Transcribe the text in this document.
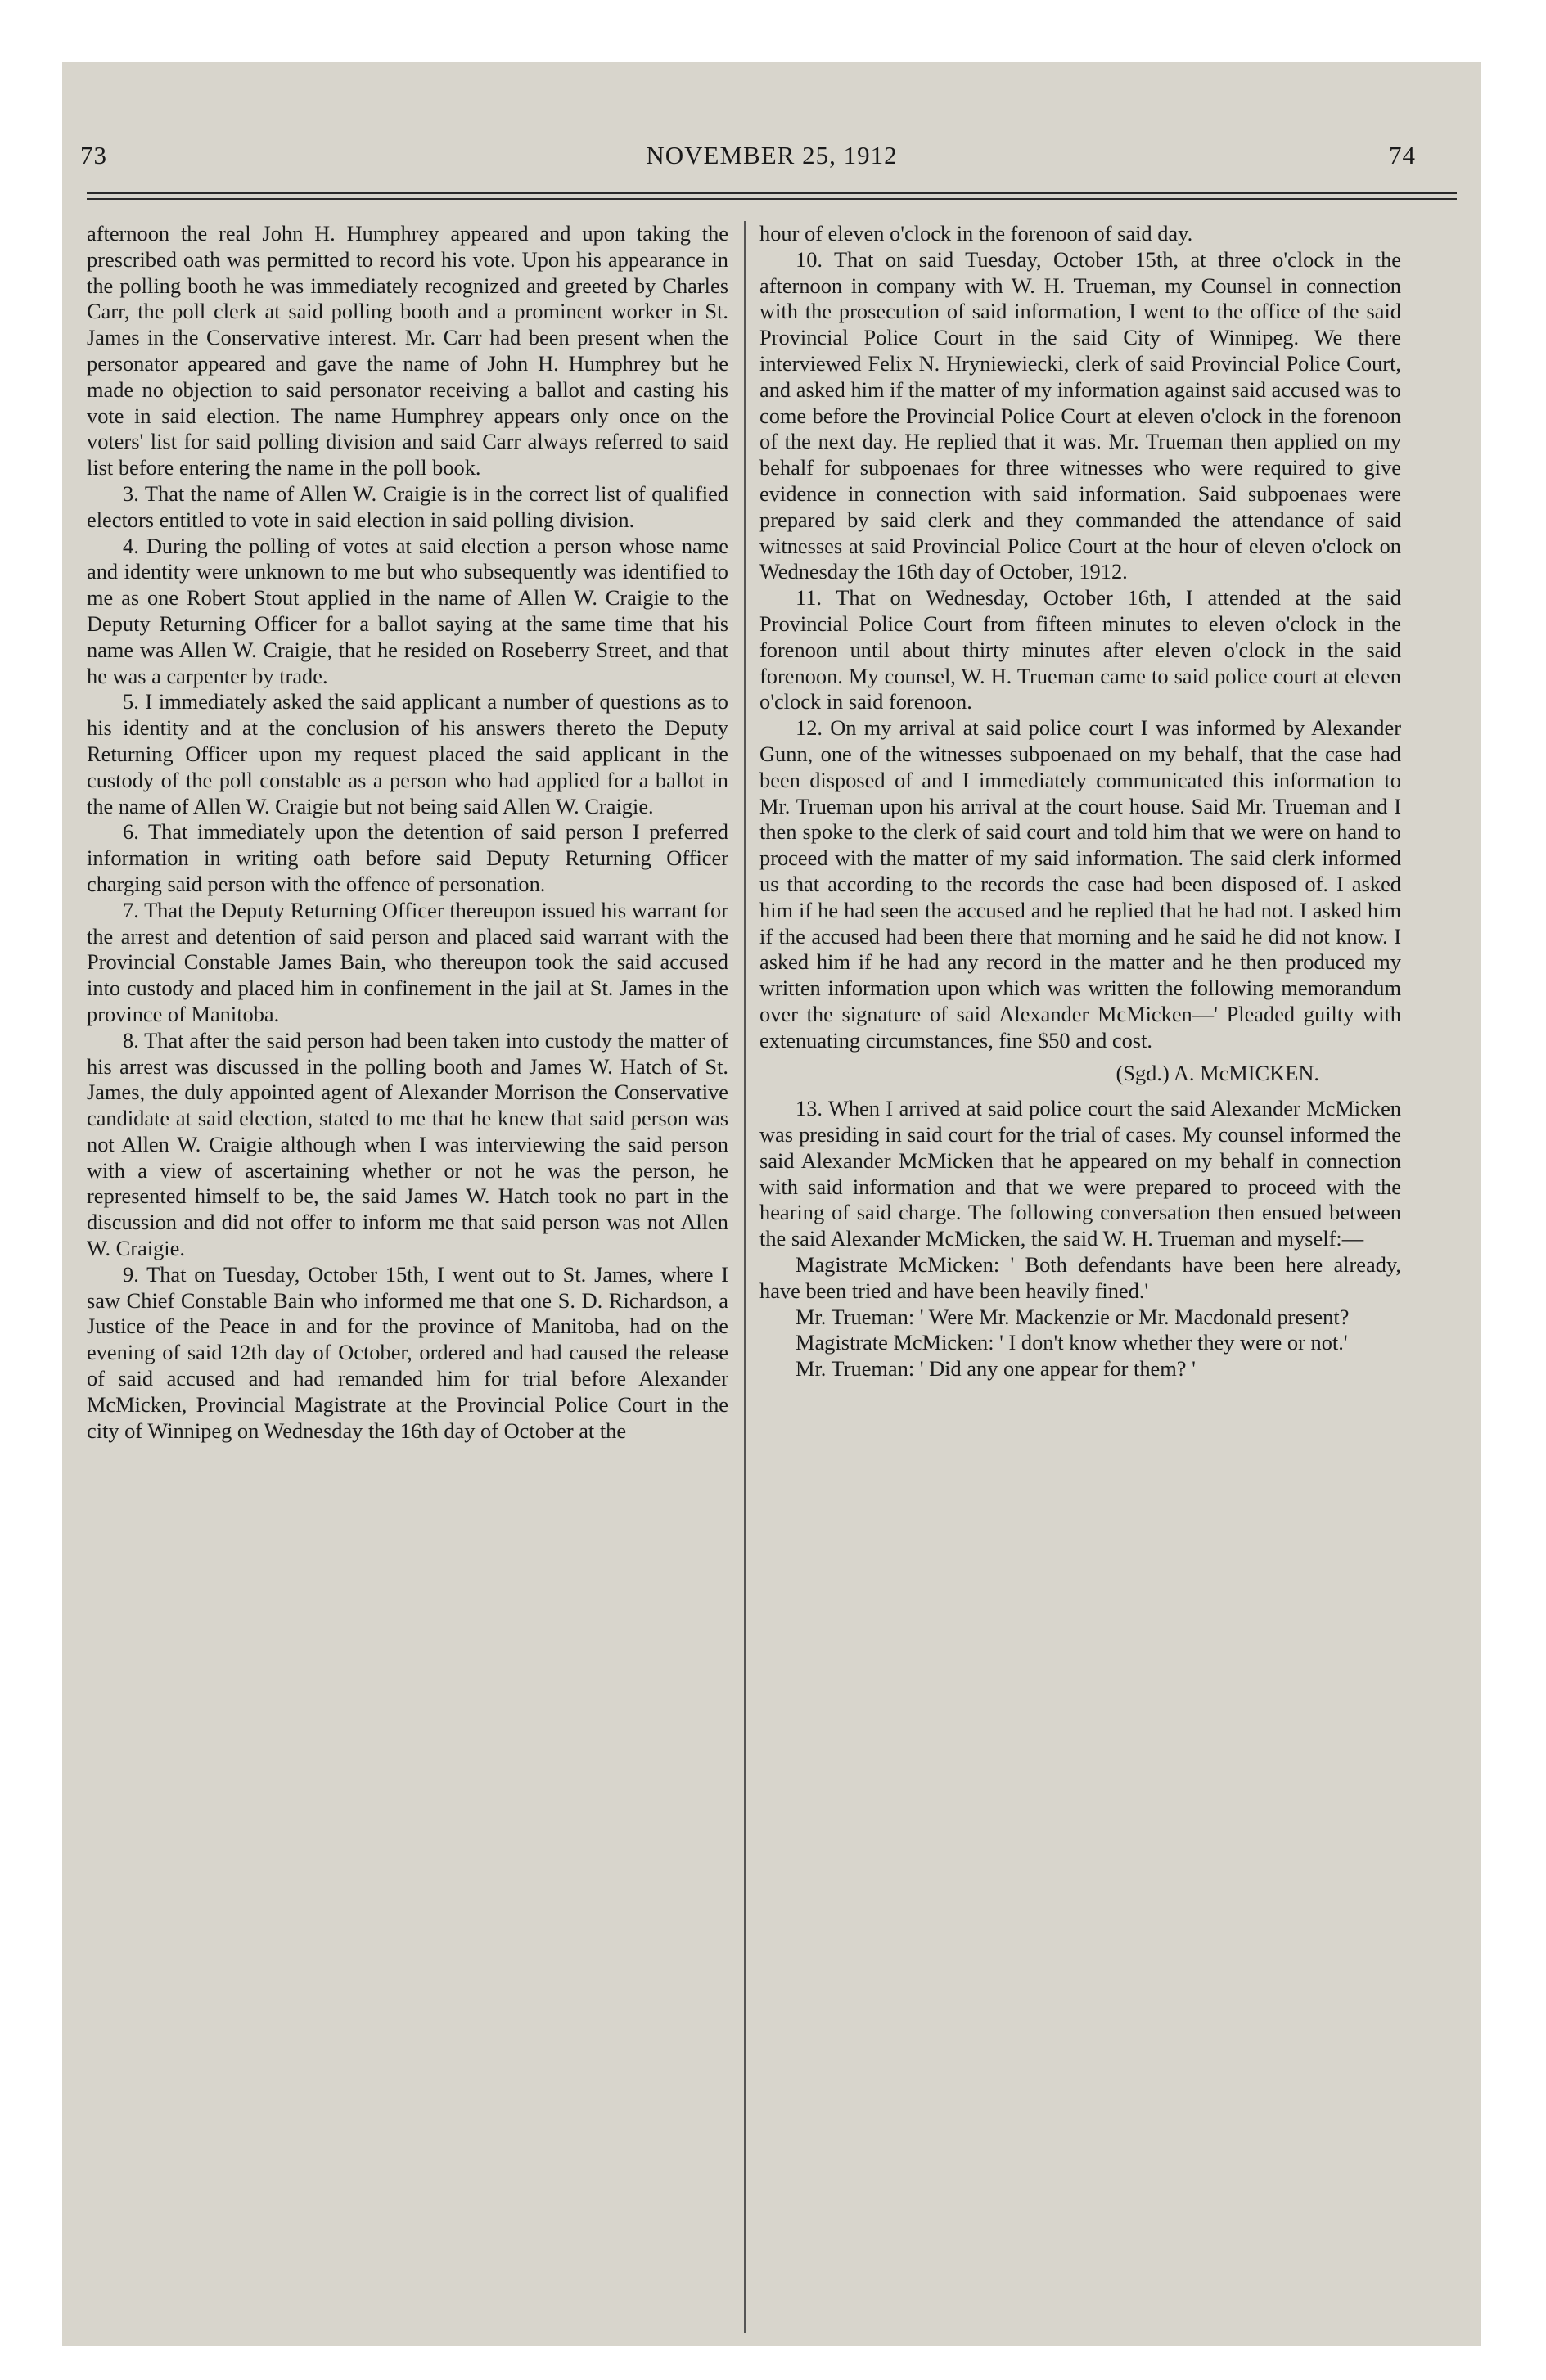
73	NOVEMBER 25, 1912	74

afternoon the real John H. Humphrey appeared and upon taking the prescribed oath was permitted to record his vote. Upon his appearance in the polling booth he was immediately recognized and greeted by Charles Carr, the poll clerk at said polling booth and a prominent worker in St. James in the Conservative interest. Mr. Carr had been present when the personator appeared and gave the name of John H. Humphrey but he made no objection to said personator receiving a ballot and casting his vote in said election. The name Humphrey appears only once on the voters' list for said polling division and said Carr always referred to said list before entering the name in the poll book.

3. That the name of Allen W. Craigie is in the correct list of qualified electors entitled to vote in said election in said polling division.

4. During the polling of votes at said election a person whose name and identity were unknown to me but who subsequently was identified to me as one Robert Stout applied in the name of Allen W. Craigie to the Deputy Returning Officer for a ballot saying at the same time that his name was Allen W. Craigie, that he resided on Roseberry Street, and that he was a carpenter by trade.

5. I immediately asked the said applicant a number of questions as to his identity and at the conclusion of his answers thereto the Deputy Returning Officer upon my request placed the said applicant in the custody of the poll constable as a person who had applied for a ballot in the name of Allen W. Craigie but not being said Allen W. Craigie.

6. That immediately upon the detention of said person I preferred information in writing oath before said Deputy Returning Officer charging said person with the offence of personation.

7. That the Deputy Returning Officer thereupon issued his warrant for the arrest and detention of said person and placed said warrant with the Provincial Constable James Bain, who thereupon took the said accused into custody and placed him in confinement in the jail at St. James in the province of Manitoba.

8. That after the said person had been taken into custody the matter of his arrest was discussed in the polling booth and James W. Hatch of St. James, the duly appointed agent of Alexander Morrison the Conservative candidate at said election, stated to me that he knew that said person was not Allen W. Craigie although when I was interviewing the said person with a view of ascertaining whether or not he was the person, he represented himself to be, the said James W. Hatch took no part in the discussion and did not offer to inform me that said person was not Allen W. Craigie.

9. That on Tuesday, October 15th, I went out to St. James, where I saw Chief Constable Bain who informed me that one S. D. Richardson, a Justice of the Peace in and for the province of Manitoba, had on the evening of said 12th day of October, ordered and had caused the release of said accused and had remanded him for trial before Alexander McMicken, Provincial Magistrate at the Provincial Police Court in the city of Winnipeg on Wednesday the 16th day of October at the

hour of eleven o'clock in the forenoon of said day.

10. That on said Tuesday, October 15th, at three o'clock in the afternoon in company with W. H. Trueman, my Counsel in connection with the prosecution of said information, I went to the office of the said Provincial Police Court in the said City of Winnipeg. We there interviewed Felix N. Hryniewiecki, clerk of said Provincial Police Court, and asked him if the matter of my information against said accused was to come before the Provincial Police Court at eleven o'clock in the forenoon of the next day. He replied that it was. Mr. Trueman then applied on my behalf for subpoenaes for three witnesses who were required to give evidence in connection with said information. Said subpoenaes were prepared by said clerk and they commanded the attendance of said witnesses at said Provincial Police Court at the hour of eleven o'clock on Wednesday the 16th day of October, 1912.

11. That on Wednesday, October 16th, I attended at the said Provincial Police Court from fifteen minutes to eleven o'clock in the forenoon until about thirty minutes after eleven o'clock in the said forenoon. My counsel, W. H. Trueman came to said police court at eleven o'clock in said forenoon.

12. On my arrival at said police court I was informed by Alexander Gunn, one of the witnesses subpoenaed on my behalf, that the case had been disposed of and I immediately communicated this information to Mr. Trueman upon his arrival at the court house. Said Mr. Trueman and I then spoke to the clerk of said court and told him that we were on hand to proceed with the matter of my said information. The said clerk informed us that according to the records the case had been disposed of. I asked him if he had seen the accused and he replied that he had not. I asked him if the accused had been there that morning and he said he did not know. I asked him if he had any record in the matter and he then produced my written information upon which was written the following memorandum over the signature of said Alexander McMicken—' Pleaded guilty with extenuating circumstances, fine $50 and cost.

(Sgd.) A. McMICKEN.

13. When I arrived at said police court the said Alexander McMicken was presiding in said court for the trial of cases. My counsel informed the said Alexander McMicken that he appeared on my behalf in connection with said information and that we were prepared to proceed with the hearing of said charge. The following conversation then ensued between the said Alexander McMicken, the said W. H. Trueman and myself:—

Magistrate McMicken: ' Both defendants have been here already, have been tried and have been heavily fined.'

Mr. Trueman: ' Were Mr. Mackenzie or Mr. Macdonald present?

Magistrate McMicken: ' I don't know whether they were or not.'

Mr. Trueman: ' Did any one appear for them? '
